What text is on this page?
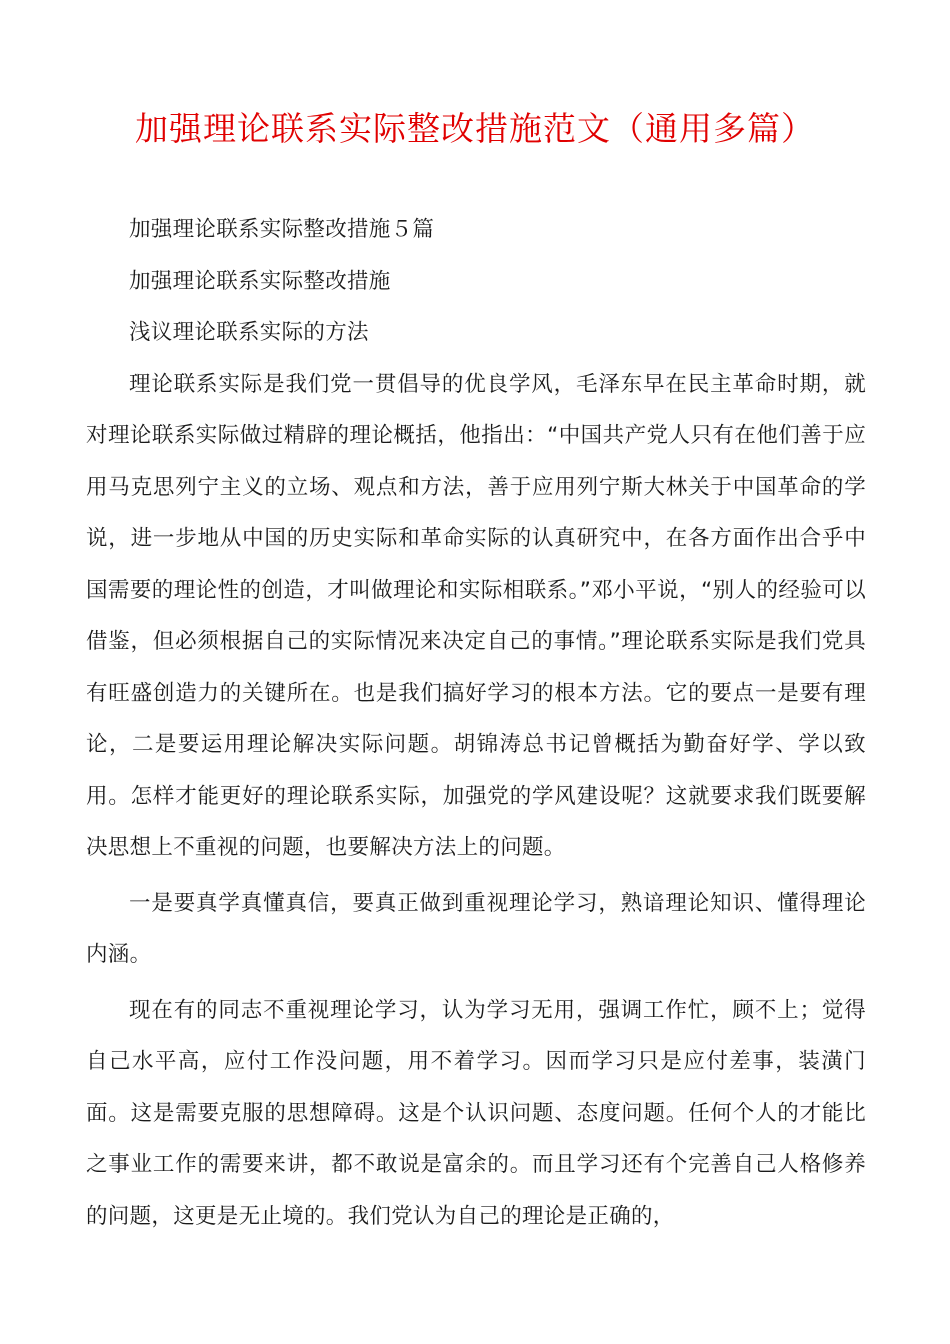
加强理论联系实际整改措施范文（通用多篇）

加强理论联系实际整改措施５篇

加强理论联系实际整改措施

浅议理论联系实际的方法

理论联系实际是我们党一贯倡导的优良学风，毛泽东早在民主革命时期，就对理论联系实际做过精辟的理论概括，他指出：“中国共产党人只有在他们善于应用马克思列宁主义的立场、观点和方法，善于应用列宁斯大林关于中国革命的学说，进一步地从中国的历史实际和革命实际的认真研究中，在各方面作出合乎中国需要的理论性的创造，才叫做理论和实际相联系。”邓小平说，“别人的经验可以借鉴，但必须根据自己的实际情况来决定自己的事情。”理论联系实际是我们党具有旺盛创造力的关键所在。也是我们搞好学习的根本方法。它的要点一是要有理论，二是要运用理论解决实际问题。胡锦涛总书记曾概括为勤奋好学、学以致用。怎样才能更好的理论联系实际，加强党的学风建设呢？这就要求我们既要解决思想上不重视的问题，也要解决方法上的问题。

一是要真学真懂真信，要真正做到重视理论学习，熟谙理论知识、懂得理论内涵。

现在有的同志不重视理论学习，认为学习无用，强调工作忙，顾不上；觉得自己水平高，应付工作没问题，用不着学习。因而学习只是应付差事，装潢门面。这是需要克服的思想障碍。这是个认识问题、态度问题。任何个人的才能比之事业工作的需要来讲，都不敢说是富余的。而且学习还有个完善自己人格修养的问题，这更是无止境的。我们党认为自己的理论是正确的，
